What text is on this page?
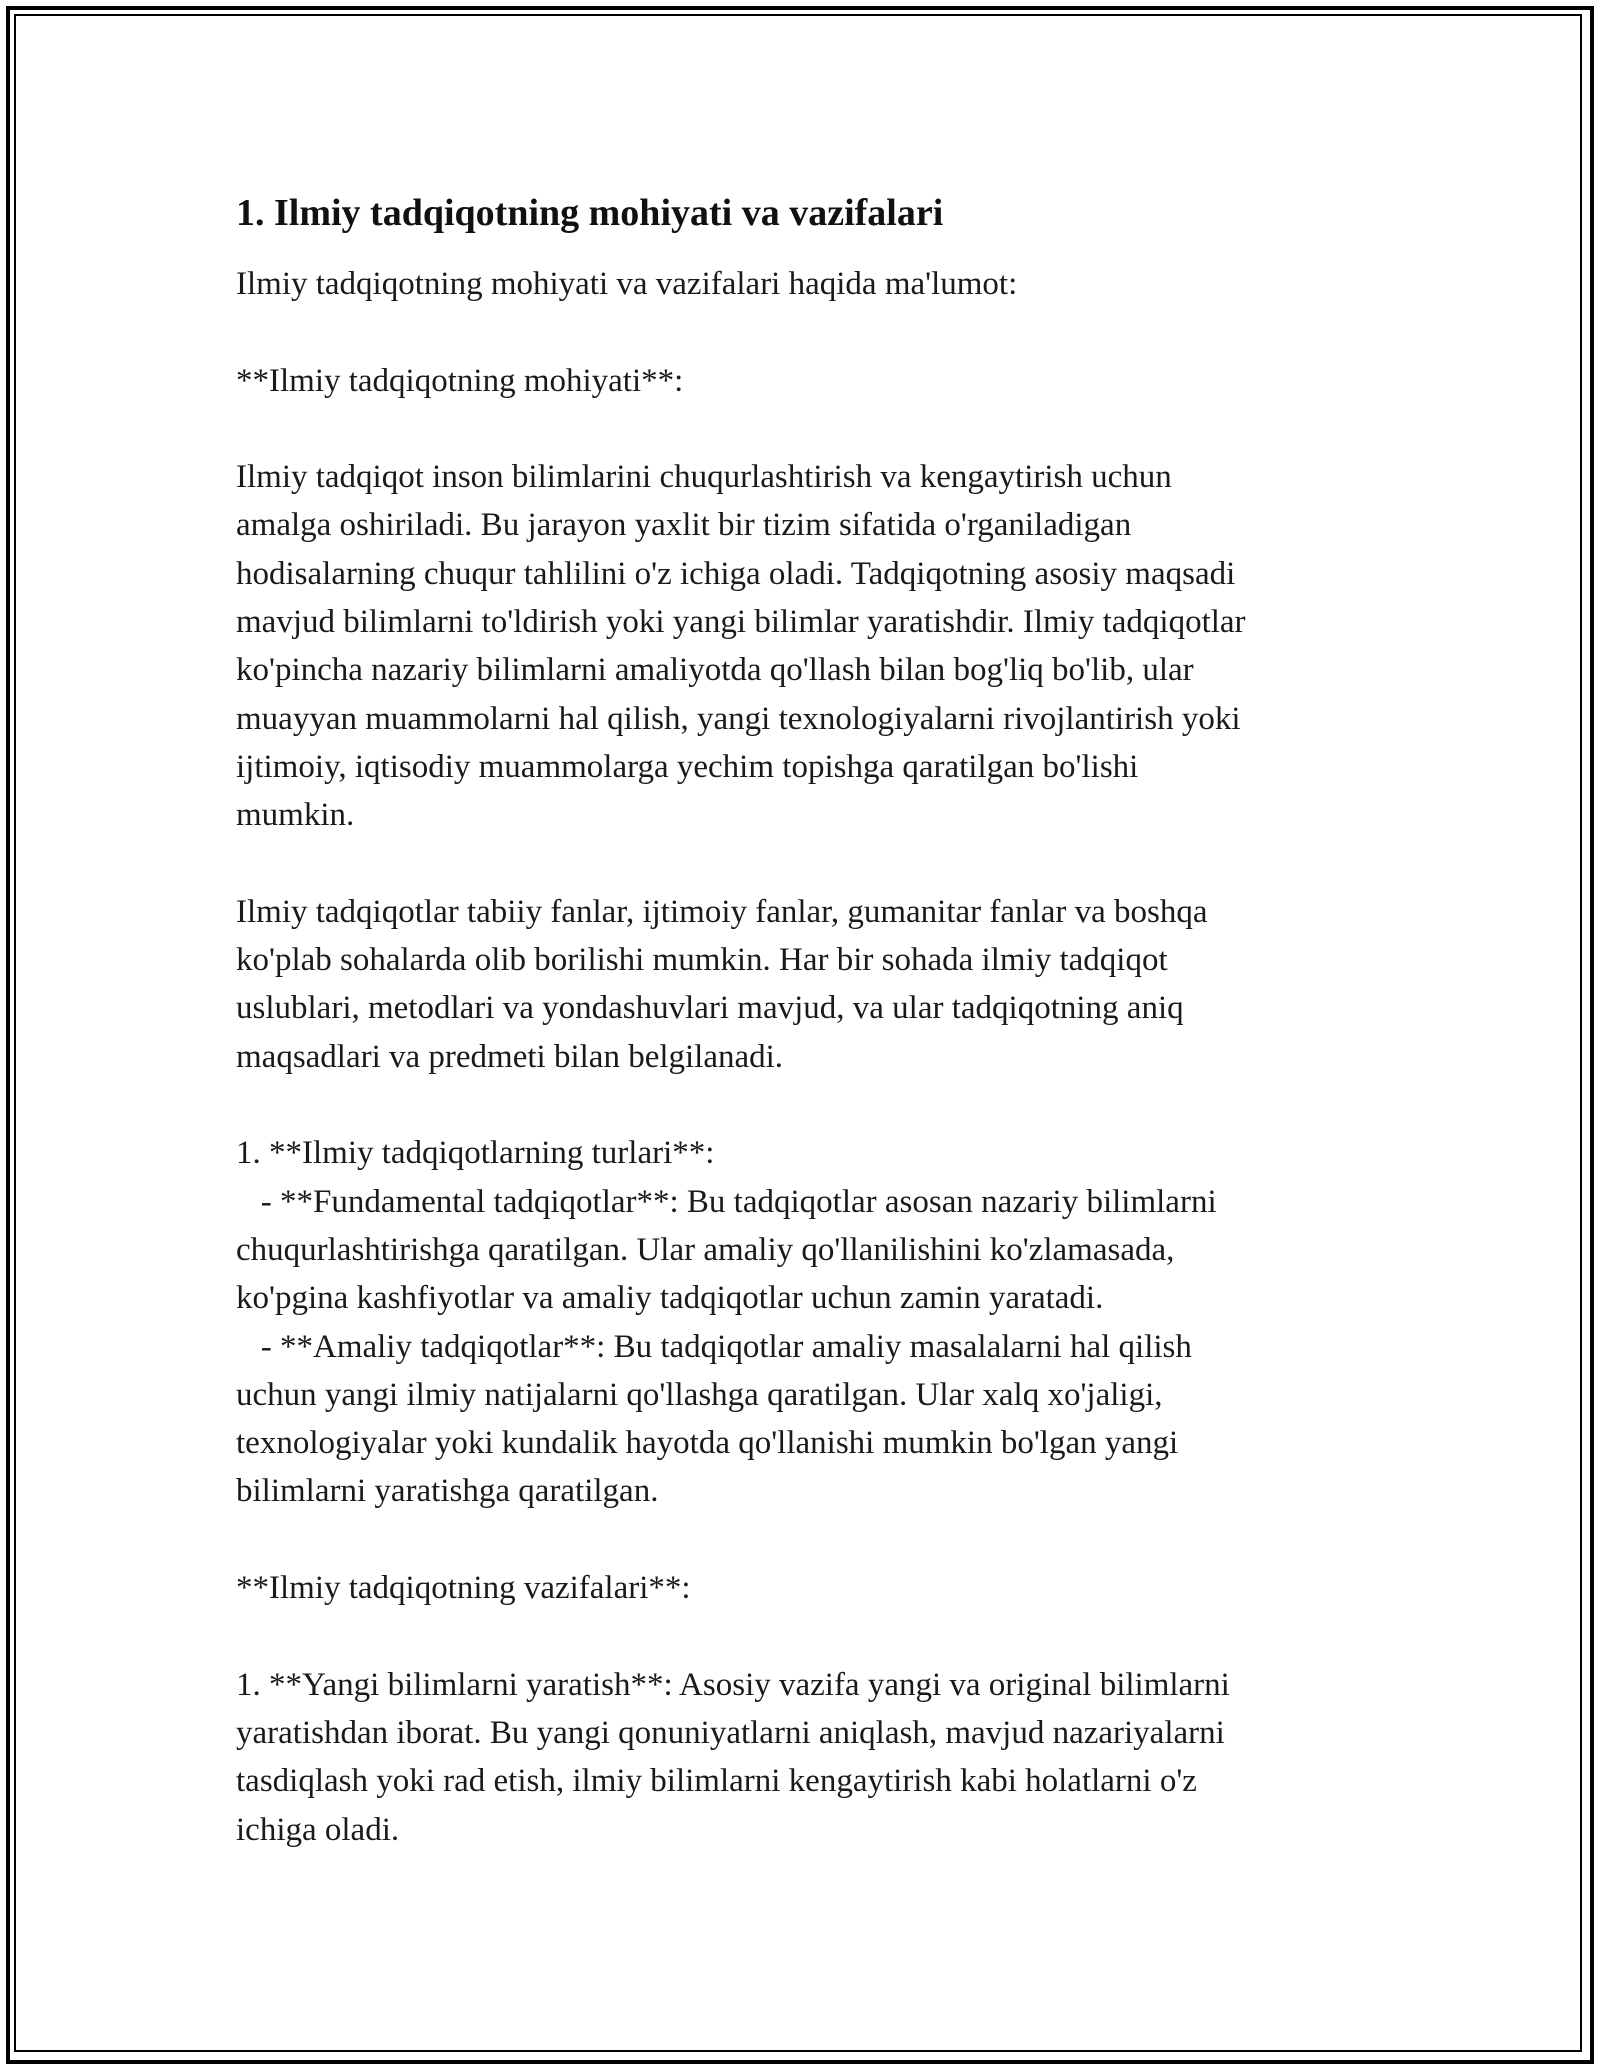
1. Ilmiy tadqiqotning mohiyati va vazifalari

Ilmiy tadqiqotning mohiyati va vazifalari haqida ma'lumot:

**Ilmiy tadqiqotning mohiyati**:

Ilmiy tadqiqot inson bilimlarini chuqurlashtirish va kengaytirish uchun

amalga oshiriladi. Bu jarayon yaxlit bir tizim sifatida o'rganiladigan

hodisalarning chuqur tahlilini o'z ichiga oladi. Tadqiqotning asosiy maqsadi

mavjud bilimlarni to'ldirish yoki yangi bilimlar yaratishdir. Ilmiy tadqiqotlar

ko'pincha nazariy bilimlarni amaliyotda qo'llash bilan bog'liq bo'lib, ular

muayyan muammolarni hal qilish, yangi texnologiyalarni rivojlantirish yoki

ijtimoiy, iqtisodiy muammolarga yechim topishga qaratilgan bo'lishi

mumkin.

Ilmiy tadqiqotlar tabiiy fanlar, ijtimoiy fanlar, gumanitar fanlar va boshqa

ko'plab sohalarda olib borilishi mumkin. Har bir sohada ilmiy tadqiqot

uslublari, metodlari va yondashuvlari mavjud, va ular tadqiqotning aniq

maqsadlari va predmeti bilan belgilanadi.

1. **Ilmiy tadqiqotlarning turlari**:

- **Fundamental tadqiqotlar**: Bu tadqiqotlar asosan nazariy bilimlarni

chuqurlashtirishga qaratilgan. Ular amaliy qo'llanilishini ko'zlamasada,

ko'pgina kashfiyotlar va amaliy tadqiqotlar uchun zamin yaratadi.

- **Amaliy tadqiqotlar**: Bu tadqiqotlar amaliy masalalarni hal qilish

uchun yangi ilmiy natijalarni qo'llashga qaratilgan. Ular xalq xo'jaligi,

texnologiyalar yoki kundalik hayotda qo'llanishi mumkin bo'lgan yangi

bilimlarni yaratishga qaratilgan.

**Ilmiy tadqiqotning vazifalari**:

1. **Yangi bilimlarni yaratish**: Asosiy vazifa yangi va original bilimlarni

yaratishdan iborat. Bu yangi qonuniyatlarni aniqlash, mavjud nazariyalarni

tasdiqlash yoki rad etish, ilmiy bilimlarni kengaytirish kabi holatlarni o'z

ichiga oladi.
